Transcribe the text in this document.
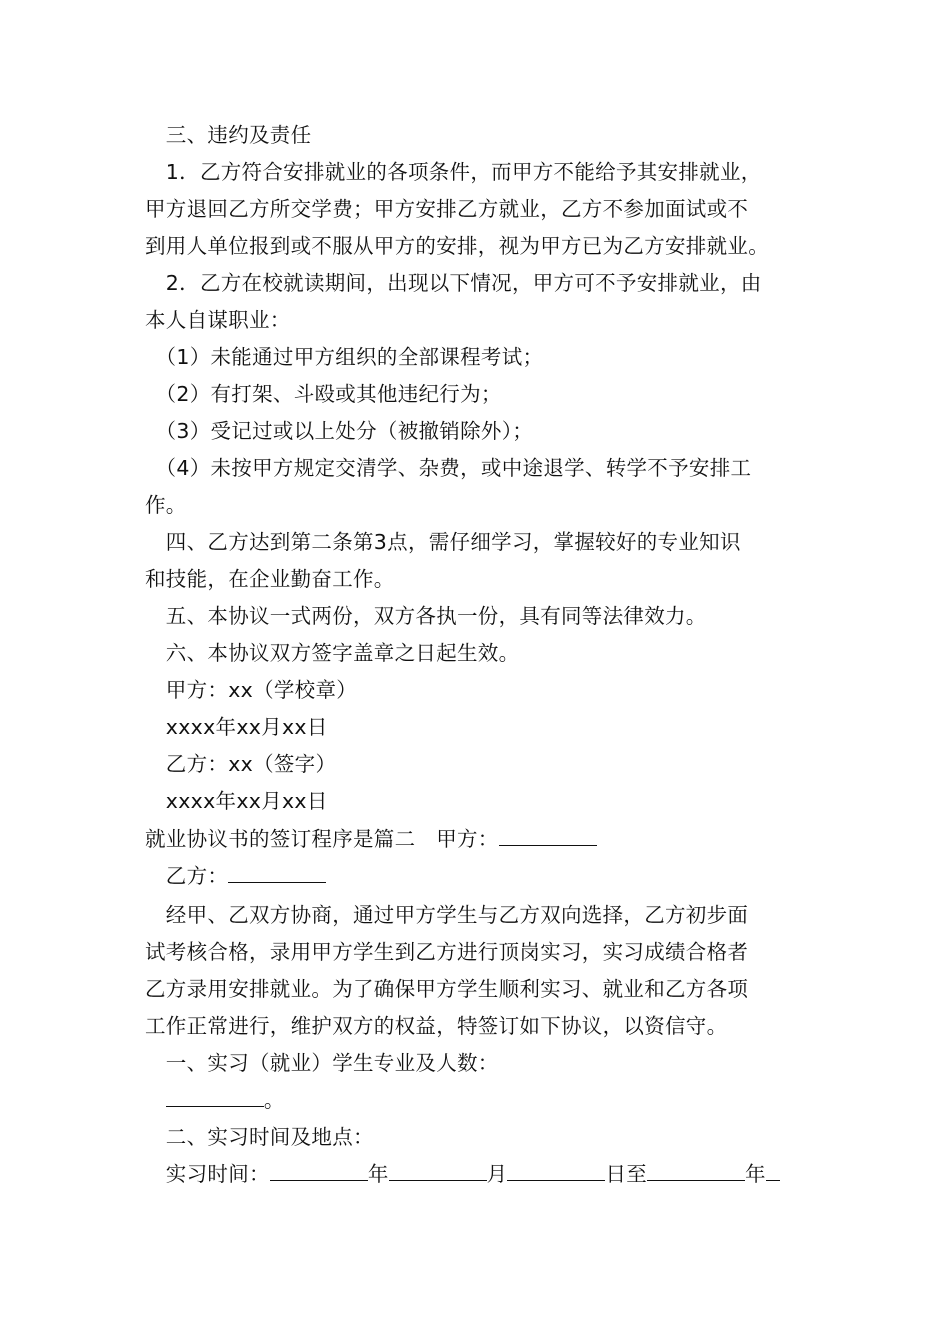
　三、违约及责任
　1．乙方符合安排就业的各项条件，而甲方不能给予其安排就业，
甲方退回乙方所交学费；甲方安排乙方就业，乙方不参加面试或不
到用人单位报到或不服从甲方的安排，视为甲方已为乙方安排就业。
　2．乙方在校就读期间，出现以下情况，甲方可不予安排就业，由
本人自谋职业：
　（1）未能通过甲方组织的全部课程考试；
　（2）有打架、斗殴或其他违纪行为；
　（3）受记过或以上处分（被撤销除外）；
　（4）未按甲方规定交清学、杂费，或中途退学、转学不予安排工
作。
　四、乙方达到第二条第3点，需仔细学习，掌握较好的专业知识
和技能，在企业勤奋工作。
　五、本协议一式两份，双方各执一份，具有同等法律效力。
　六、本协议双方签字盖章之日起生效。
　甲方：xx（学校章）
　xxxx年xx月xx日
　乙方：xx（签字）
　xxxx年xx月xx日
就业协议书的签订程序是篇二　甲方：
　乙方：
　经甲、乙双方协商，通过甲方学生与乙方双向选择，乙方初步面
试考核合格，录用甲方学生到乙方进行顶岗实习，实习成绩合格者
乙方录用安排就业。为了确保甲方学生顺利实习、就业和乙方各项
工作正常进行，维护双方的权益，特签订如下协议，以资信守。
　一、实习（就业）学生专业及人数：
　。
　二、实习时间及地点：
　实习时间：	年	月	日至	年
